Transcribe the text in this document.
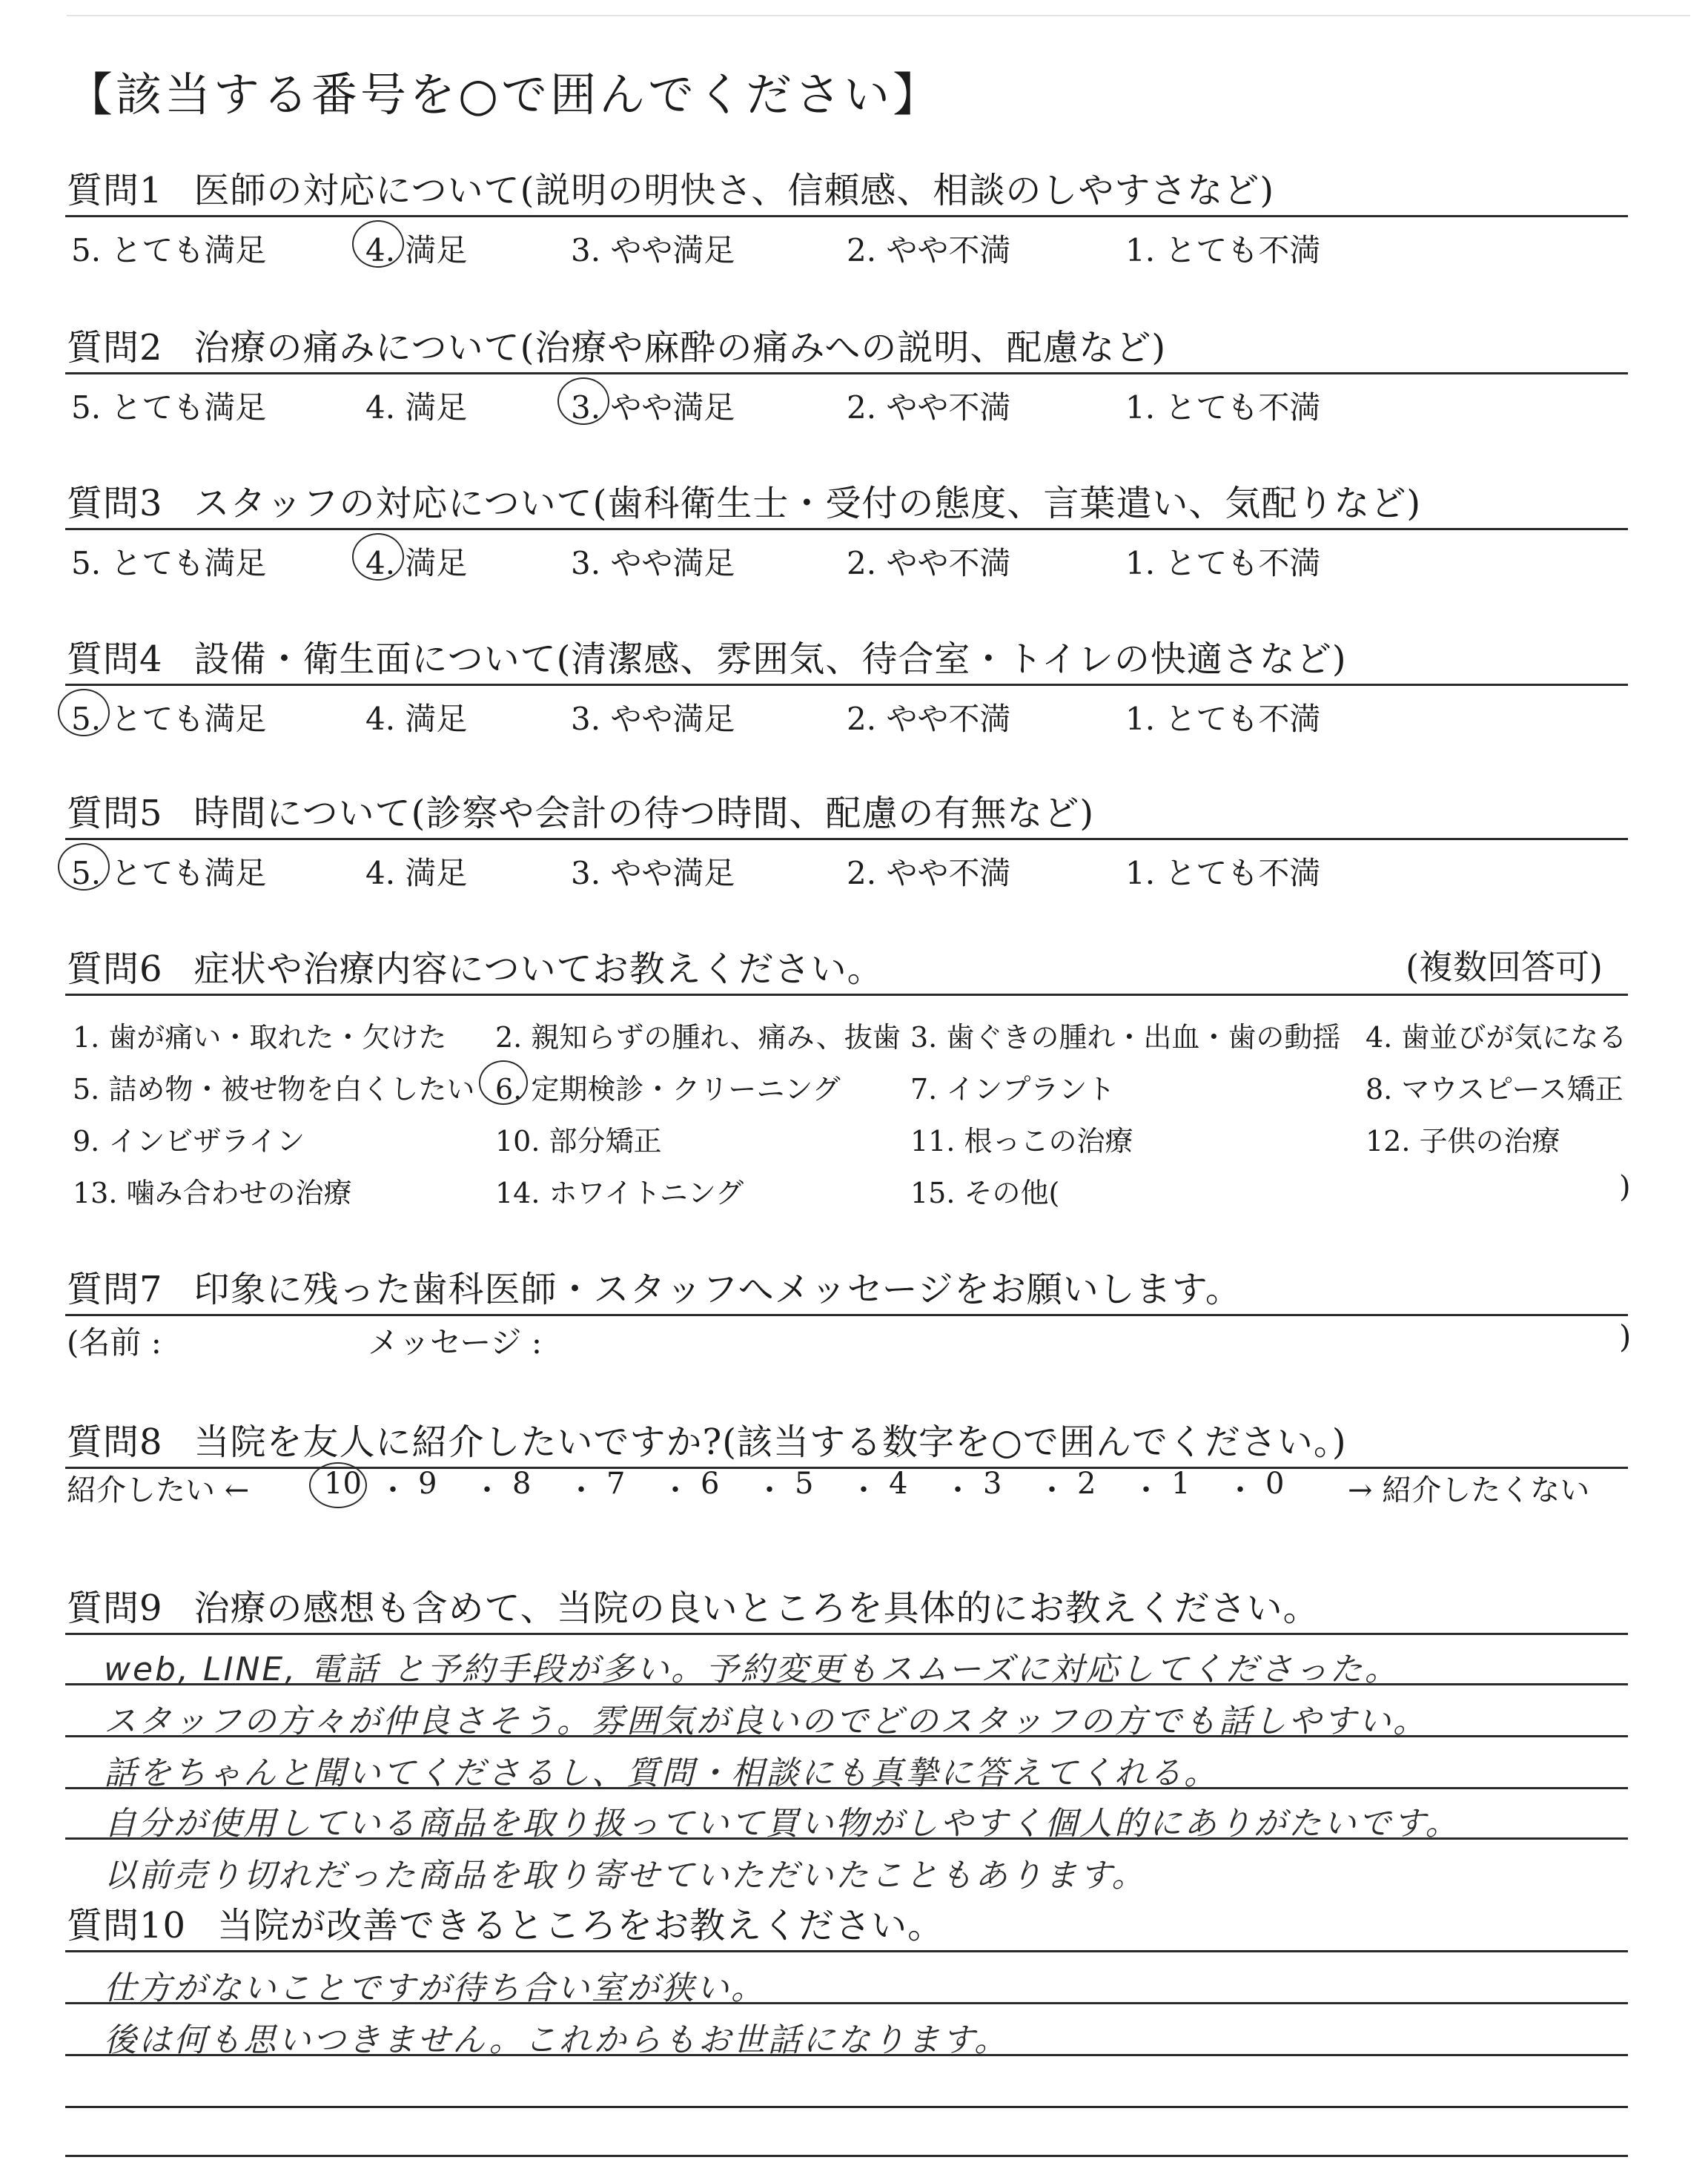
【該当する番号を○で囲んでください】
質問1 医師の対応について(説明の明快さ、信頼感、相談のしやすさなど)
5. とても満足	4. 満足	3. やや満足	2. やや不満	1. とても不満
質問2 治療の痛みについて(治療や麻酔の痛みへの説明、配慮など)
5. とても満足	4. 満足	3. やや満足	2. やや不満	1. とても不満
質問3 スタッフの対応について(歯科衛生士・受付の態度、言葉遣い、気配りなど)
5. とても満足	4. 満足	3. やや満足	2. やや不満	1. とても不満
質問4 設備・衛生面について(清潔感、雰囲気、待合室・トイレの快適さなど)
5. とても満足	4. 満足	3. やや満足	2. やや不満	1. とても不満
質問5 時間について(診察や会計の待つ時間、配慮の有無など)
5. とても満足	4. 満足	3. やや満足	2. やや不満	1. とても不満
質問6 症状や治療内容についてお教えください。	(複数回答可)
1. 歯が痛い・取れた・欠けた 2. 親知らずの腫れ、痛み、抜歯 3. 歯ぐきの腫れ・出血・歯の動揺 4. 歯並びが気になる
5. 詰め物・被せ物を白くしたい 6. 定期検診・クリーニング 7. インプラント	8. マウスピース矯正
9. インビザライン	10. 部分矯正	11. 根っこの治療	12. 子供の治療
13. 噛み合わせの治療	14. ホワイトニング	15. その他(	)
質問7 印象に残った歯科医師・スタッフへメッセージをお願いします。
(名前 :	メッセージ :	)
質問8 当院を友人に紹介したいですか?(該当する数字を○で囲んでください。)
紹介したい ←	→ 紹介したくない
10 ・ 9 ・ 8 ・ 7 ・ 6 ・ 5 ・ 4 ・ 3 ・ 2 ・ 1 ・ 0
質問9 治療の感想も含めて、当院の良いところを具体的にお教えください。
web, LINE, 電話 と予約手段が多い。予約変更もスムーズに対応してくださった。
スタッフの方々が仲良さそう。雰囲気が良いのでどのスタッフの方でも話しやすい。
話をちゃんと聞いてくださるし、質問・相談にも真摯に答えてくれる。
自分が使用している商品を取り扱っていて買い物がしやすく個人的にありがたいです。
以前売り切れだった商品を取り寄せていただいたこともあります。
質問10 当院が改善できるところをお教えください。
仕方がないことですが待ち合い室が狭い。
後は何も思いつきません。これからもお世話になります。
